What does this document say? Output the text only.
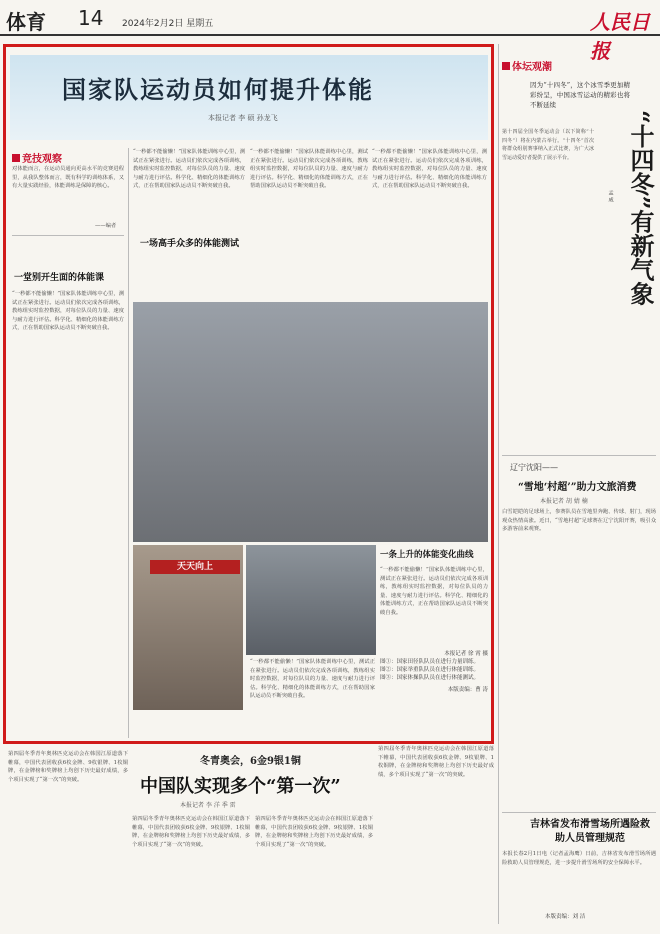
体育 14 2024年2月2日 星期五	人民日报
国家队运动员如何提升体能
本报记者 李 硕 孙龙飞
竞技观察
对体能而言，在运动员通向更高水平的竞赛进程里，从我队整体而言，既有科学的训练体系，又有大量实践经验，体能训练是保障的核心。
——编者
一堂别开生面的体能课
“一秒都不能偷懒！”国家队体能训练中心里，测试正在紧张进行。运动员们依次完成各项训练，教练组实时监控数据，对每位队员的力量、速度与耐力进行评估。科学化、精细化的体能训练方式，正在帮助国家队运动员不断突破自我。
“一秒都不能偷懒！”国家队体能训练中心里，测试正在紧张进行。运动员们依次完成各项训练，教练组实时监控数据，对每位队员的力量、速度与耐力进行评估。科学化、精细化的体能训练方式，正在帮助国家队运动员不断突破自我。
一场高手众多的体能测试
“一秒都不能偷懒！”国家队体能训练中心里，测试正在紧张进行。运动员们依次完成各项训练，教练组实时监控数据，对每位队员的力量、速度与耐力进行评估。科学化、精细化的体能训练方式，正在帮助国家队运动员不断突破自我。
“一秒都不能偷懒！”国家队体能训练中心里，测试正在紧张进行。运动员们依次完成各项训练，教练组实时监控数据，对每位队员的力量、速度与耐力进行评估。科学化、精细化的体能训练方式，正在帮助国家队运动员不断突破自我。
天天向上
“一秒都不能偷懒！”国家队体能训练中心里，测试正在紧张进行。运动员们依次完成各项训练，教练组实时监控数据，对每位队员的力量、速度与耐力进行评估。科学化、精细化的体能训练方式，正在帮助国家队运动员不断突破自我。
一条上升的体能变化曲线
“一秒都不能偷懒！”国家队体能训练中心里，测试正在紧张进行。运动员们依次完成各项训练，教练组实时监控数据，对每位队员的力量、速度与耐力进行评估。科学化、精细化的体能训练方式，正在帮助国家队运动员不断突破自我。
本报记者 徐 霄 摄
图①：国家田径队队员在进行力量训练。
图②：国家举重队队员在进行体能训练。
图③：国家体操队队员在进行体能测试。
本版责编：曹 涛
体坛观潮
因为“十四冬”，这个冰雪季更加精彩纷呈，中国冰雪运动的精彩也将不断延续
第十四届全国冬季运动会（以下简称“十四冬”）将在内蒙古举行。“十四冬”首次将群众组别赛事纳入正式比赛，为广大冰雪运动爱好者提供了展示平台。	“十四冬”有新气象
孟 威
辽宁沈阳——
“雪地‘村超’”助力文旅消费
本报记者 胡 婧 楠
白雪皑皑的足球场上，参赛队员在雪地里奔跑、传球、射门，现场观众热情高涨。近日，“雪地村超”足球赛在辽宁沈阳开赛，吸引众多游客前来观赛。
吉林省发布滑雪场所遇险救助人员管理规范
本报长春2月1日电（记者孟海鹰）日前，吉林省发布滑雪场所遇险救助人员管理规范，进一步提升滑雪场所的安全保障水平。
本版责编：刘 洁
第四届冬季青年奥林匹克运动会在韩国江原道落下帷幕，中国代表团收获6枚金牌、9枚银牌、1枚铜牌，在金牌榜和奖牌榜上均创下历史最好成绩，多个项目实现了“第一次”的突破。
冬青奥会，6金9银1铜
中国队实现多个“第一次”
本报记者 李 洋 季 雷
第四届冬季青年奥林匹克运动会在韩国江原道落下帷幕，中国代表团收获6枚金牌、9枚银牌、1枚铜牌，在金牌榜和奖牌榜上均创下历史最好成绩，多个项目实现了“第一次”的突破。
第四届冬季青年奥林匹克运动会在韩国江原道落下帷幕，中国代表团收获6枚金牌、9枚银牌、1枚铜牌，在金牌榜和奖牌榜上均创下历史最好成绩，多个项目实现了“第一次”的突破。
第四届冬季青年奥林匹克运动会在韩国江原道落下帷幕，中国代表团收获6枚金牌、9枚银牌、1枚铜牌，在金牌榜和奖牌榜上均创下历史最好成绩，多个项目实现了“第一次”的突破。
